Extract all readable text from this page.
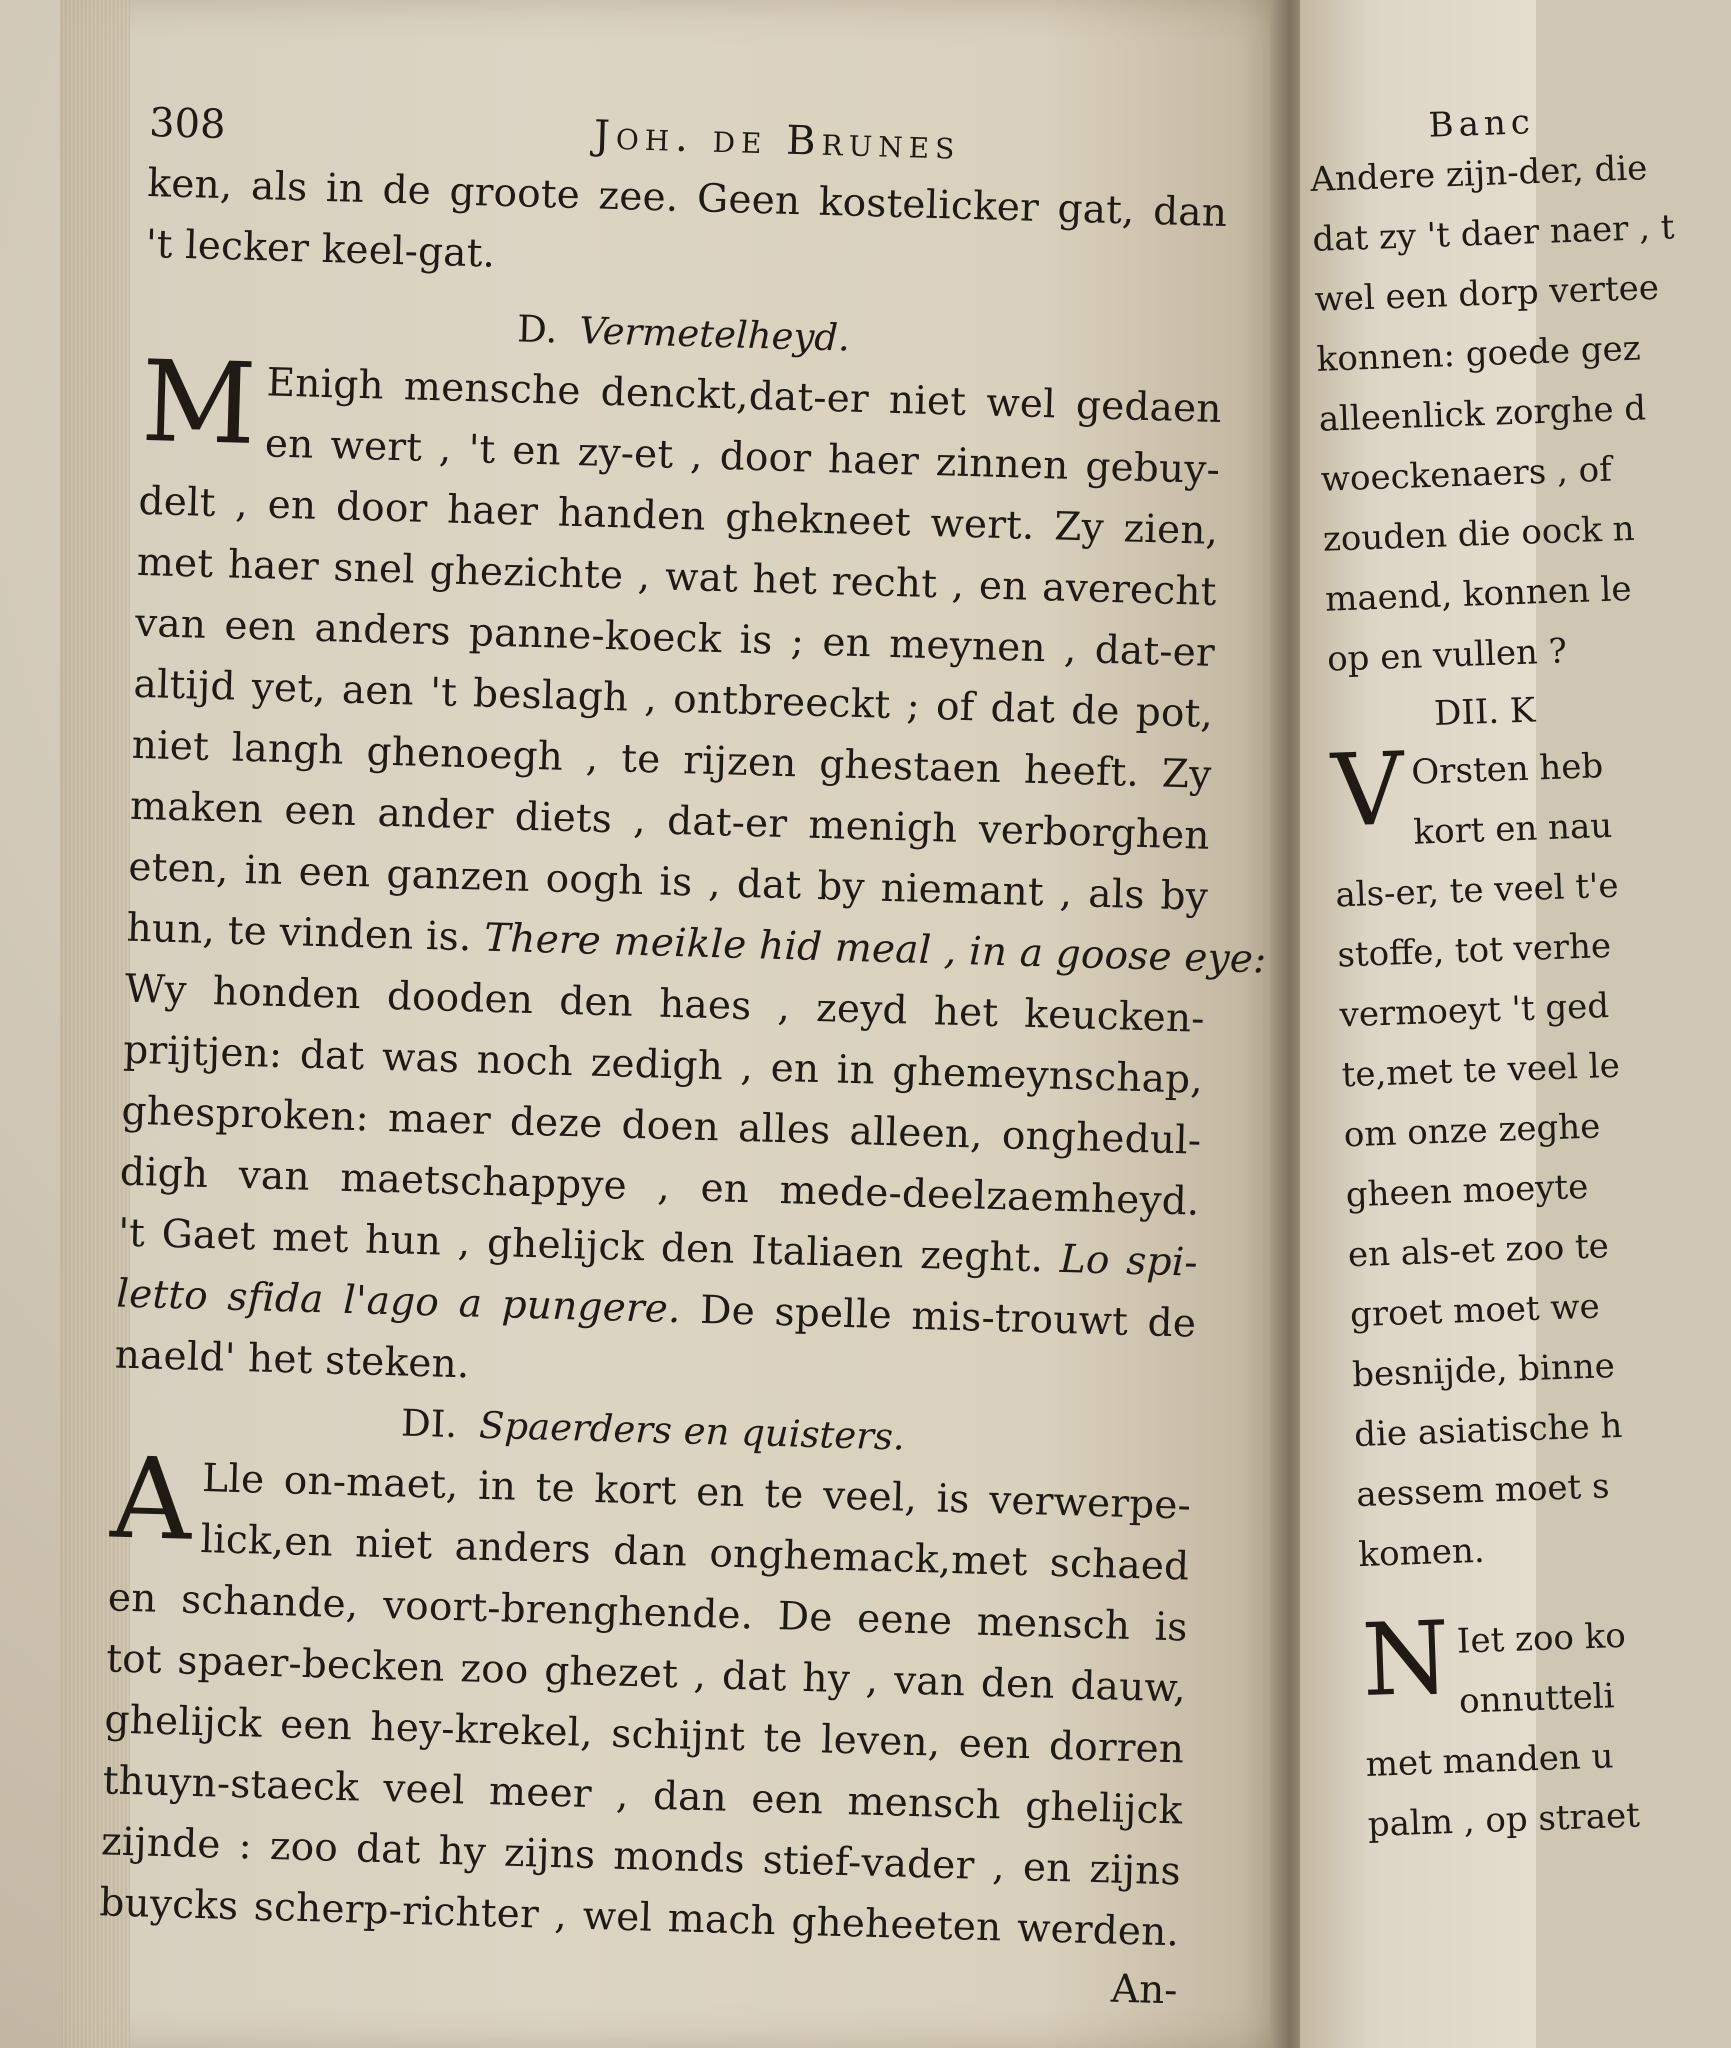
308	Joh. de Brunes
ken, als in de groote zee. Geen kostelicker gat, dan
't lecker keel-gat.
D. Vermetelheyd.
M Enigh mensche denckt,dat-er niet wel gedaen
en wert , 't en zy-et , door haer zinnen gebuy-
delt , en door haer handen ghekneet wert. Zy zien,
met haer snel ghezichte , wat het recht , en averecht
van een anders panne-koeck is ; en meynen , dat-er
altijd yet, aen 't beslagh , ontbreeckt ; of dat de pot,
niet langh ghenoegh , te rijzen ghestaen heeft. Zy
maken een ander diets , dat-er menigh verborghen
eten, in een ganzen oogh is , dat by niemant , als by
hun, te vinden is. There meikle hid meal , in a goose eye:
Wy honden dooden den haes , zeyd het keucken-
prijtjen: dat was noch zedigh , en in ghemeynschap,
ghesproken: maer deze doen alles alleen, onghedul-
digh van maetschappye , en mede-deelzaemheyd.
't Gaet met hun , ghelijck den Italiaen zeght. Lo spi-
letto sfida l'ago a pungere. De spelle mis-trouwt de
naeld' het steken.
DI. Spaerders en quisters.
A Lle on-maet, in te kort en te veel, is verwerpe-
lick,en niet anders dan onghemack,met schaed
en schande, voort-brenghende. De eene mensch is
tot spaer-becken zoo ghezet , dat hy , van den dauw,
ghelijck een hey-krekel, schijnt te leven, een dorren
thuyn-staeck veel meer , dan een mensch ghelijck
zijnde : zoo dat hy zijns monds stief-vader , en zijns
buycks scherp-richter , wel mach gheheeten werden.
An-
Banc
Andere zijn-der, die
dat zy 't daer naer , t
wel een dorp vertee
konnen: goede gez
alleenlick zorghe d
woeckenaers , of
zouden die oock n
maend, konnen le
op en vullen ?
DII. K
V Orsten heb
kort en nau
als-er, te veel t'e
stoffe, tot verhe
vermoeyt 't ged
te,met te veel le
om onze zeghe
gheen moeyte
en als-et zoo te
groet moet we
besnijde, binne
die asiatische h
aessem moet s
komen.
N Iet zoo ko
onnutteli
met manden u
palm , op straet
